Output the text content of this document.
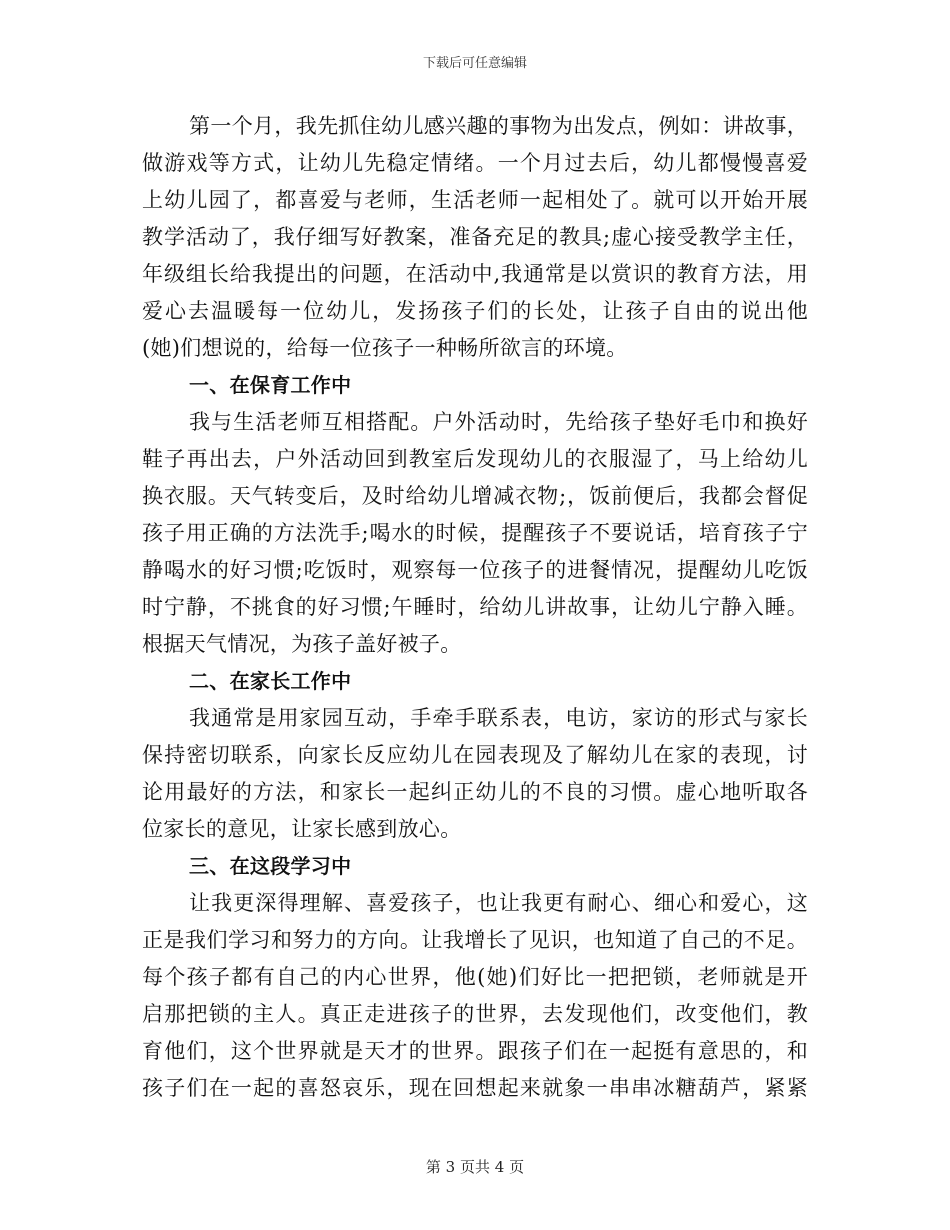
下载后可任意编辑
第一个月，我先抓住幼儿感兴趣的事物为出发点，例如：讲故事，
做游戏等方式，让幼儿先稳定情绪。一个月过去后，幼儿都慢慢喜爱
上幼儿园了，都喜爱与老师，生活老师一起相处了。就可以开始开展
教学活动了，我仔细写好教案，准备充足的教具;虚心接受教学主任，
年级组长给我提出的问题，在活动中,我通常是以赏识的教育方法，用
爱心去温暖每一位幼儿，发扬孩子们的长处，让孩子自由的说出他
(她)们想说的，给每一位孩子一种畅所欲言的环境。
一、在保育工作中
我与生活老师互相搭配。户外活动时，先给孩子垫好毛巾和换好
鞋子再出去，户外活动回到教室后发现幼儿的衣服湿了，马上给幼儿
换衣服。天气转变后，及时给幼儿增减衣物;，饭前便后，我都会督促
孩子用正确的方法洗手;喝水的时候，提醒孩子不要说话，培育孩子宁
静喝水的好习惯;吃饭时，观察每一位孩子的进餐情况，提醒幼儿吃饭
时宁静，不挑食的好习惯;午睡时，给幼儿讲故事，让幼儿宁静入睡。
根据天气情况，为孩子盖好被子。
二、在家长工作中
我通常是用家园互动，手牵手联系表，电访，家访的形式与家长
保持密切联系，向家长反应幼儿在园表现及了解幼儿在家的表现，讨
论用最好的方法，和家长一起纠正幼儿的不良的习惯。虚心地听取各
位家长的意见，让家长感到放心。
三、在这段学习中
让我更深得理解、喜爱孩子，也让我更有耐心、细心和爱心，这
正是我们学习和努力的方向。让我增长了见识，也知道了自己的不足。
每个孩子都有自己的内心世界，他(她)们好比一把把锁，老师就是开
启那把锁的主人。真正走进孩子的世界，去发现他们，改变他们，教
育他们，这个世界就是天才的世界。跟孩子们在一起挺有意思的，和
孩子们在一起的喜怒哀乐，现在回想起来就象一串串冰糖葫芦，紧紧
第 3 页共 4 页
